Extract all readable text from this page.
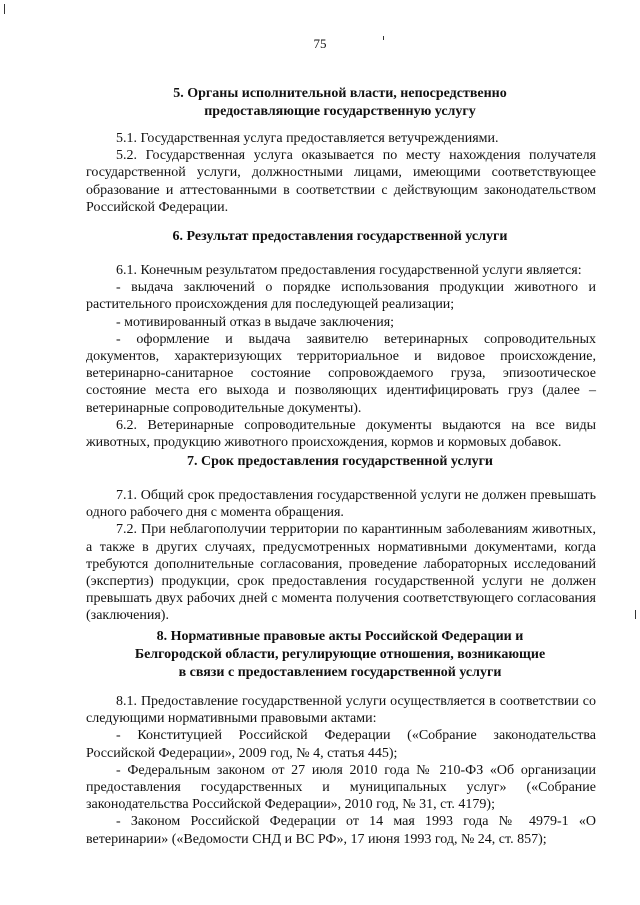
75
5. Органы исполнительной власти, непосредственно
предоставляющие государственную услугу

5.1. Государственная услуга предоставляется ветучреждениями.

5.2. Государственная услуга оказывается по месту нахождения получателя государственной услуги, должностными лицами, имеющими соответствующее образование и аттестованными в соответствии с действующим законодательством Российской Федерации.

6. Результат предоставления государственной услуги

6.1. Конечным результатом предоставления государственной услуги является:

- выдача заключений о порядке использования продукции животного и растительного происхождения для последующей реализации;

- мотивированный отказ в выдаче заключения;

- оформление и выдача заявителю ветеринарных сопроводительных документов, характеризующих территориальное и видовое происхождение, ветеринарно-санитарное состояние сопровождаемого груза, эпизоотическое состояние места его выхода и позволяющих идентифицировать груз (далее – ветеринарные сопроводительные документы).

6.2. Ветеринарные сопроводительные документы выдаются на все виды животных, продукцию животного происхождения, кормов и кормовых добавок.

7. Срок предоставления государственной услуги

7.1. Общий срок предоставления государственной услуги не должен превышать одного рабочего дня с момента обращения.

7.2. При неблагополучии территории по карантинным заболеваниям животных, а также в других случаях, предусмотренных нормативными документами, когда требуются дополнительные согласования, проведение лабораторных исследований (экспертиз) продукции, срок предоставления государственной услуги не должен превышать двух рабочих дней с момента получения соответствующего согласования (заключения).

8. Нормативные правовые акты Российской Федерации и
Белгородской области, регулирующие отношения, возникающие
в связи с предоставлением государственной услуги

8.1. Предоставление государственной услуги осуществляется в соответствии со следующими нормативными правовыми актами:

- Конституцией Российской Федерации («Собрание законодательства Российской Федерации», 2009 год, № 4, статья 445);

- Федеральным законом от 27 июля 2010 года № 210-ФЗ «Об организации предоставления государственных и муниципальных услуг» («Собрание законодательства Российской Федерации», 2010 год, № 31, ст. 4179);

- Законом Российской Федерации от 14 мая 1993 года № 4979-1 «О ветеринарии» («Ведомости СНД и ВС РФ», 17 июня 1993 год, № 24, ст. 857);
